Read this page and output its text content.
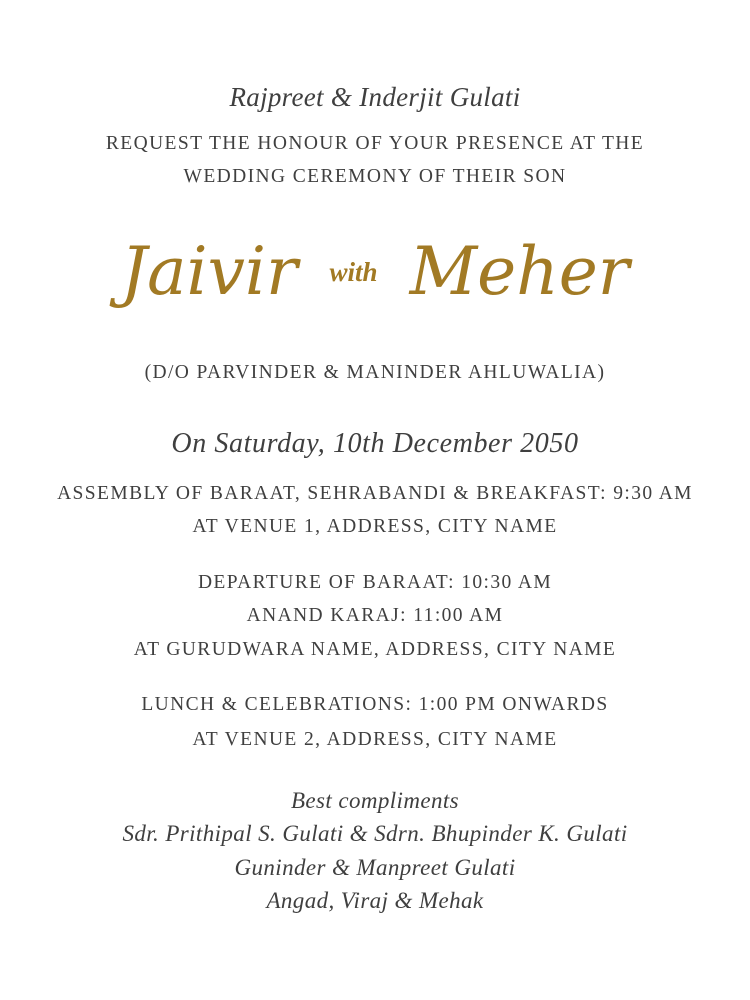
Rajpreet & Inderjit Gulati
REQUEST THE HONOUR OF YOUR PRESENCE AT THE
WEDDING CEREMONY OF THEIR SON
Jaivir with Meher
(D/O PARVINDER & MANINDER AHLUWALIA)
On Saturday, 10th December 2050
ASSEMBLY OF BARAAT, SEHRABANDI & BREAKFAST: 9:30 AM
AT VENUE 1, ADDRESS, CITY NAME
DEPARTURE OF BARAAT: 10:30 AM
ANAND KARAJ: 11:00 AM
AT GURUDWARA NAME, ADDRESS, CITY NAME
LUNCH & CELEBRATIONS: 1:00 PM ONWARDS
AT VENUE 2, ADDRESS, CITY NAME
Best compliments
Sdr. Prithipal S. Gulati & Sdrn. Bhupinder K. Gulati
Guninder & Manpreet Gulati
Angad, Viraj & Mehak
